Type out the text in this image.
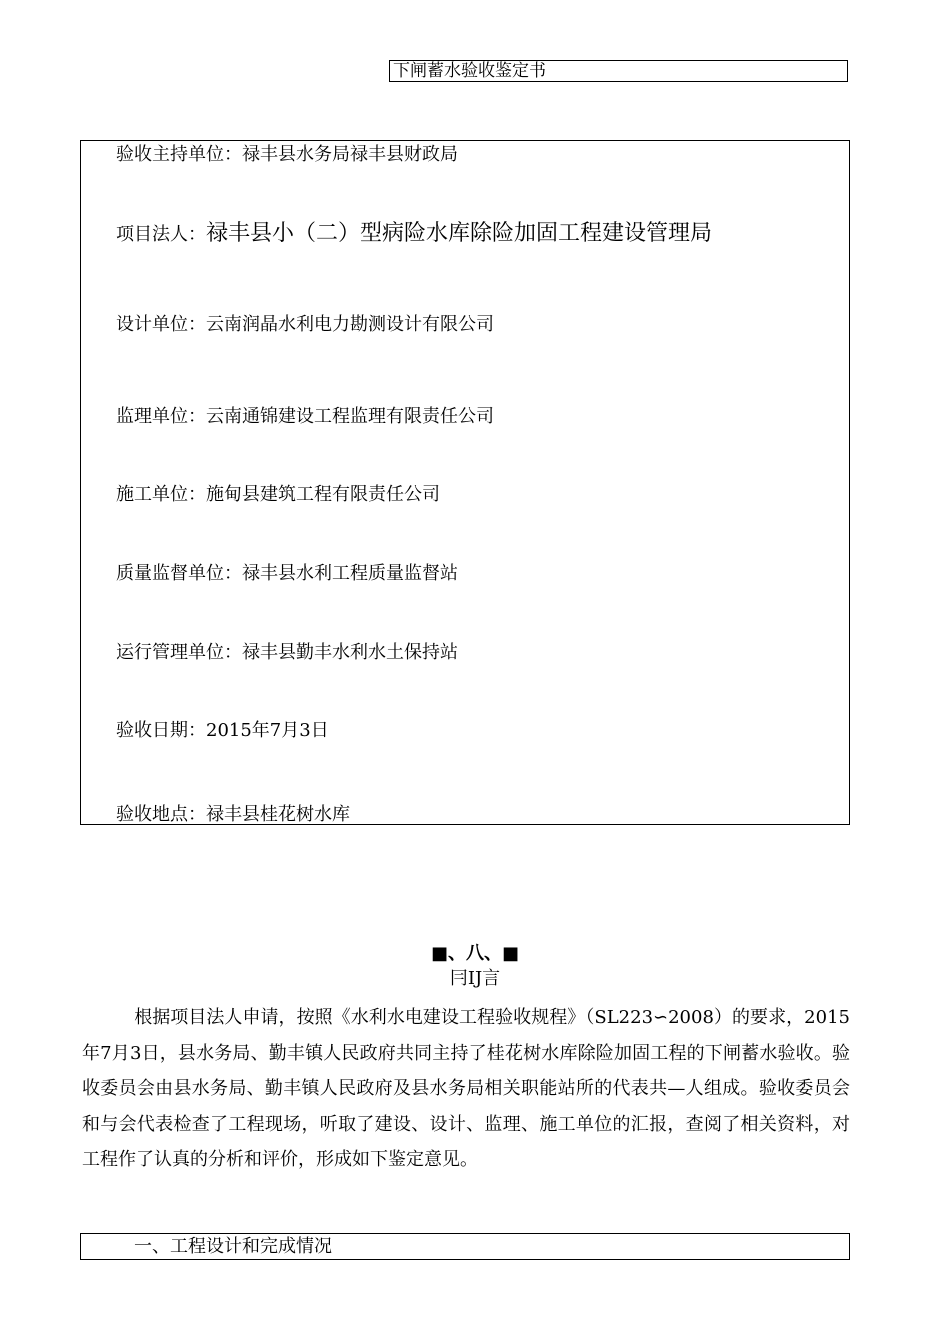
下闸蓄水验收鉴定书
验收主持单位：禄丰县水务局禄丰县财政局
项目法人：禄丰县小（二）型病险水库除险加固工程建设管理局
设计单位：云南润晶水利电力勘测设计有限公司
监理单位：云南通锦建设工程监理有限责任公司
施工单位：施甸县建筑工程有限责任公司
质量监督单位：禄丰县水利工程质量监督站
运行管理单位：禄丰县勤丰水利水土保持站
验收日期：2015年7月3日
验收地点：禄丰县桂花树水库
■、八、■
冃IJ言
根据项目法人申请，按照《水利水电建设工程验收规程》（SL223∽2008）的要求，2015年7月3日，县水务局、勤丰镇人民政府共同主持了桂花树水库除险加固工程的下闸蓄水验收。验收委员会由县水务局、勤丰镇人民政府及县水务局相关职能站所的代表共—人组成。验收委员会和与会代表检查了工程现场，听取了建设、设计、监理、施工单位的汇报，查阅了相关资料，对工程作了认真的分析和评价，形成如下鉴定意见。
一、工程设计和完成情况
